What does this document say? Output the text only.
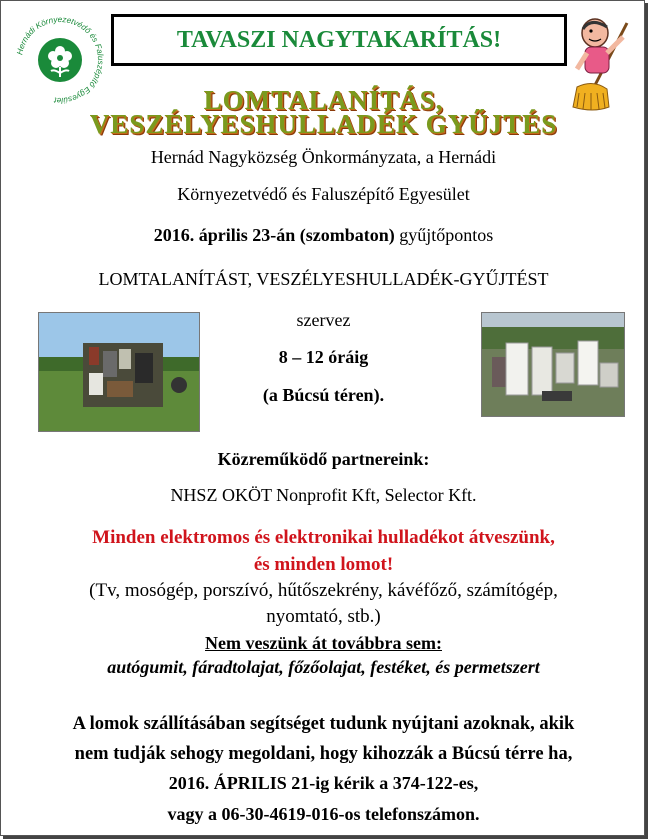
Hernádi Környezetvédő és Faluszépítő Egyesület
TAVASZI NAGYTAKARÍTÁS!
LOMTALANÍTÁS,
VESZÉLYESHULLADÉK GYŰJTÉS
Hernád Nagyközség Önkormányzata, a Hernádi
Környezetvédő és Faluszépítő Egyesület
2016. április 23-án (szombaton) gyűjtőpontos
LOMTALANÍTÁST, VESZÉLYESHULLADÉK-GYŰJTÉST
szervez
8 – 12 óráig
(a Búcsú téren).
Közreműködő partnereink:
NHSZ OKÖT Nonprofit Kft, Selector Kft.
Minden elektromos és elektronikai hulladékot átveszünk,
és minden lomot!
(Tv, mosógép, porszívó, hűtőszekrény, kávéfőző, számítógép,
nyomtató, stb.)
Nem veszünk át továbbra sem:
autógumit, fáradtolajat, főzőolajat, festéket, és permetszert
A lomok szállításában segítséget tudunk nyújtani azoknak, akik
nem tudják sehogy megoldani, hogy kihozzák a Búcsú térre ha,
2016. ÁPRILIS 21-ig kérik a 374-122-es,
vagy a 06-30-4619-016-os telefonszámon.
